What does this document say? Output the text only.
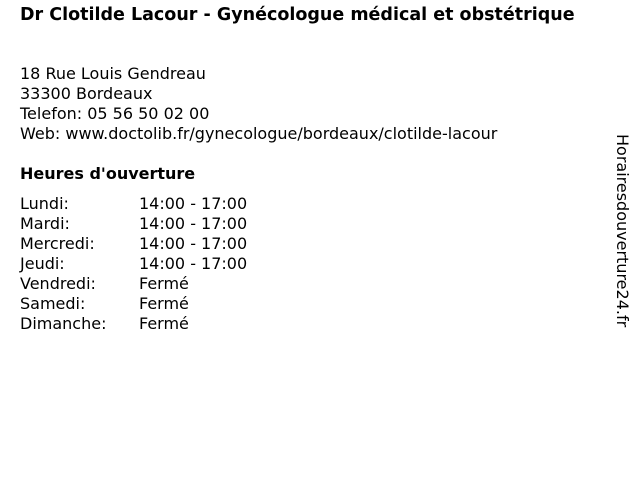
Dr Clotilde Lacour - Gynécologue médical et obstétrique
18 Rue Louis Gendreau
33300 Bordeaux
Telefon: 05 56 50 02 00
Web: www.doctolib.fr/gynecologue/bordeaux/clotilde-lacour
Heures d'ouverture
Lundi:	14:00 - 17:00
Mardi:	14:00 - 17:00
Mercredi:	14:00 - 17:00
Jeudi:	14:00 - 17:00
Vendredi:	Fermé
Samedi:	Fermé
Dimanche:	Fermé	Horairesdouverture24.fr
